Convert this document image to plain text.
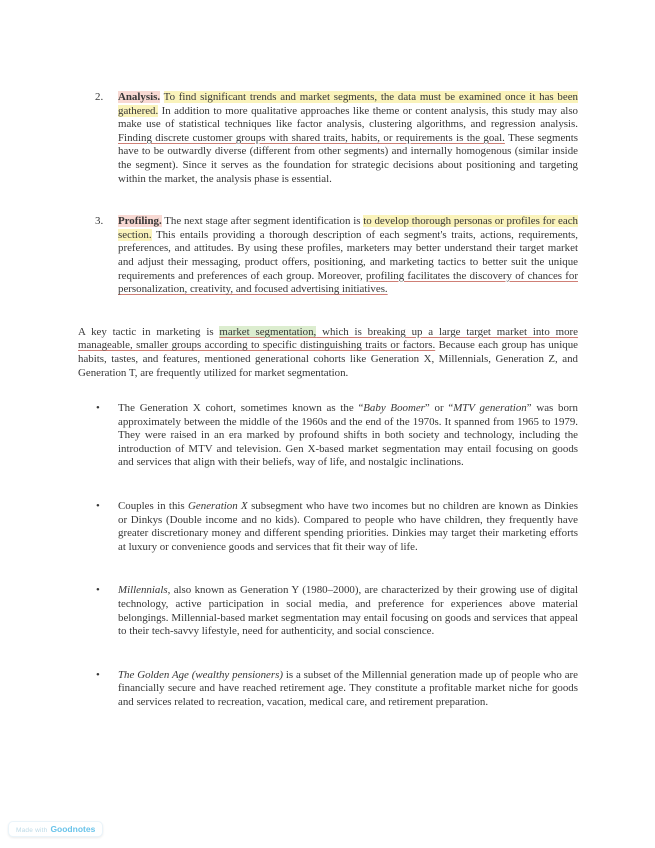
2.	Analysis. To find significant trends and market segments, the data must be examined once it has been gathered. In addition to more qualitative approaches like theme or content analysis, this study may also make use of statistical techniques like factor analysis, clustering algorithms, and regression analysis. Finding discrete customer groups with shared traits, habits, or requirements is the goal. These segments have to be outwardly diverse (different from other segments) and internally homogenous (similar inside the segment). Since it serves as the foundation for strategic decisions about positioning and targeting within the market, the analysis phase is essential.

3.	Profiling. The next stage after segment identification is to develop thorough personas or profiles for each section. This entails providing a thorough description of each segment's traits, actions, requirements, preferences, and attitudes. By using these profiles, marketers may better understand their target market and adjust their messaging, product offers, positioning, and marketing tactics to better suit the unique requirements and preferences of each group. Moreover, profiling facilitates the discovery of chances for personalization, creativity, and focused advertising initiatives.

A key tactic in marketing is market segmentation, which is breaking up a large target market into more manageable, smaller groups according to specific distinguishing traits or factors. Because each group has unique habits, tastes, and features, mentioned generational cohorts like Generation X, Millennials, Generation Z, and Generation T, are frequently utilized for market segmentation.

•	The Generation X cohort, sometimes known as the “Baby Boomer” or “MTV generation” was born approximately between the middle of the 1960s and the end of the 1970s. It spanned from 1965 to 1979. They were raised in an era marked by profound shifts in both society and technology, including the introduction of MTV and television. Gen X-based market segmentation may entail focusing on goods and services that align with their beliefs, way of life, and nostalgic inclinations.

•	Couples in this Generation X subsegment who have two incomes but no children are known as Dinkies or Dinkys (Double income and no kids). Compared to people who have children, they frequently have greater discretionary money and different spending priorities. Dinkies may target their marketing efforts at luxury or convenience goods and services that fit their way of life.

•	Millennials, also known as Generation Y (1980–2000), are characterized by their growing use of digital technology, active participation in social media, and preference for experiences above material belongings. Millennial-based market segmentation may entail focusing on goods and services that appeal to their tech-savvy lifestyle, need for authenticity, and social conscience.

•	The Golden Age (wealthy pensioners) is a subset of the Millennial generation made up of people who are financially secure and have reached retirement age. They constitute a profitable market niche for goods and services related to recreation, vacation, medical care, and retirement preparation.

Made with Goodnotes
